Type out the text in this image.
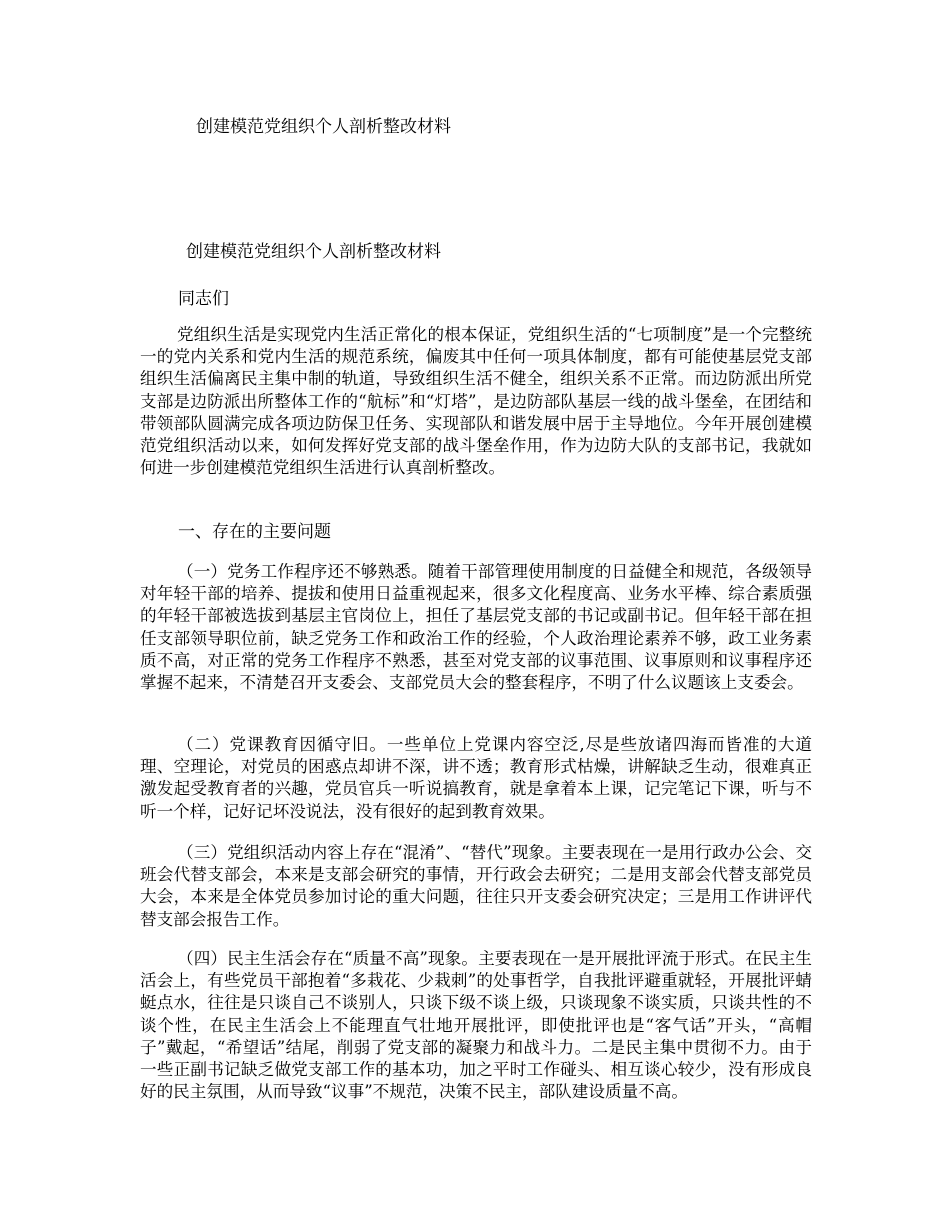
创建模范党组织个人剖析整改材料
创建模范党组织个人剖析整改材料
同志们

党组织生活是实现党内生活正常化的根本保证，党组织生活的“七项制度”是一个完整统一的党内关系和党内生活的规范系统，偏废其中任何一项具体制度，都有可能使基层党支部组织生活偏离民主集中制的轨道，导致组织生活不健全，组织关系不正常。而边防派出所党支部是边防派出所整体工作的“航标”和“灯塔”，是边防部队基层一线的战斗堡垒，在团结和带领部队圆满完成各项边防保卫任务、实现部队和谐发展中居于主导地位。今年开展创建模范党组织活动以来，如何发挥好党支部的战斗堡垒作用，作为边防大队的支部书记，我就如何进一步创建模范党组织生活进行认真剖析整改。

一、存在的主要问题

（一）党务工作程序还不够熟悉。随着干部管理使用制度的日益健全和规范，各级领导对年轻干部的培养、提拔和使用日益重视起来，很多文化程度高、业务水平棒、综合素质强的年轻干部被选拔到基层主官岗位上，担任了基层党支部的书记或副书记。但年轻干部在担任支部领导职位前，缺乏党务工作和政治工作的经验，个人政治理论素养不够，政工业务素质不高，对正常的党务工作程序不熟悉，甚至对党支部的议事范围、议事原则和议事程序还掌握不起来，不清楚召开支委会、支部党员大会的整套程序，不明了什么议题该上支委会。

（二）党课教育因循守旧。一些单位上党课内容空泛,尽是些放诸四海而皆准的大道理、空理论，对党员的困惑点却讲不深，讲不透；教育形式枯燥，讲解缺乏生动，很难真正激发起受教育者的兴趣，党员官兵一听说搞教育，就是拿着本上课，记完笔记下课，听与不听一个样，记好记坏没说法，没有很好的起到教育效果。

（三）党组织活动内容上存在“混淆”、“替代”现象。主要表现在一是用行政办公会、交班会代替支部会，本来是支部会研究的事情，开行政会去研究；二是用支部会代替支部党员大会，本来是全体党员参加讨论的重大问题，往往只开支委会研究决定；三是用工作讲评代替支部会报告工作。

（四）民主生活会存在“质量不高”现象。主要表现在一是开展批评流于形式。在民主生活会上，有些党员干部抱着“多栽花、少栽刺”的处事哲学，自我批评避重就轻，开展批评蜻蜓点水，往往是只谈自己不谈别人，只谈下级不谈上级，只谈现象不谈实质，只谈共性的不谈个性，在民主生活会上不能理直气壮地开展批评，即使批评也是“客气话”开头，“高帽子”戴起，“希望话”结尾，削弱了党支部的凝聚力和战斗力。二是民主集中贯彻不力。由于一些正副书记缺乏做党支部工作的基本功，加之平时工作碰头、相互谈心较少，没有形成良好的民主氛围，从而导致“议事”不规范，决策不民主，部队建设质量不高。
